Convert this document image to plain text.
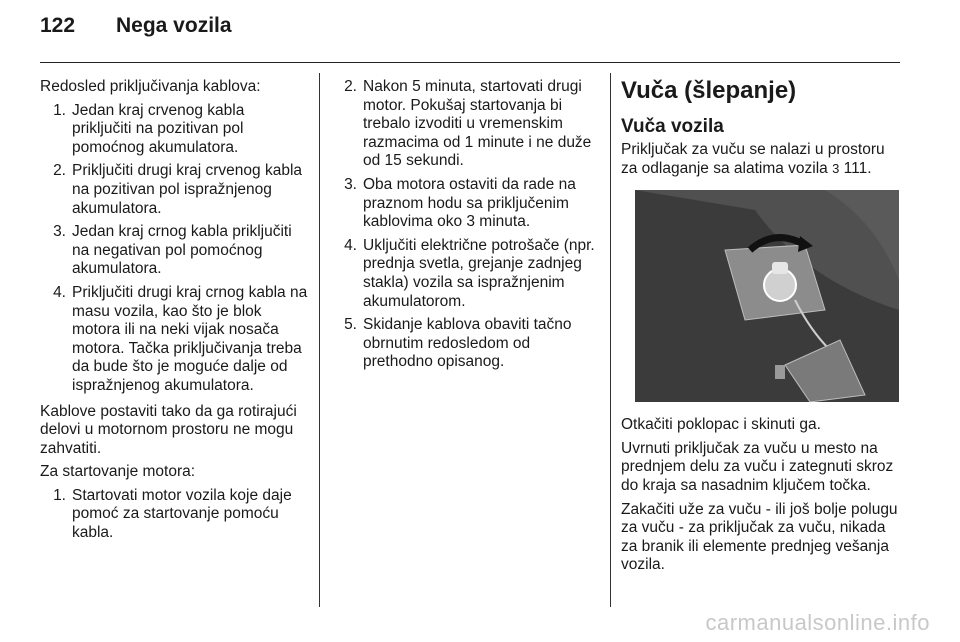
122	Nega vozila

Redosled priključivanja kablova:

1. Jedan kraj crvenog kabla priključiti na pozitivan pol pomoćnog akumulatora.
2. Priključiti drugi kraj crvenog kabla na pozitivan pol ispražnjenog akumulatora.
3. Jedan kraj crnog kabla priključiti na negativan pol pomoćnog akumulatora.
4. Priključiti drugi kraj crnog kabla na masu vozila, kao što je blok motora ili na neki vijak nosača motora. Tačka priključivanja treba da bude što je moguće dalje od ispražnjenog akumulatora.

Kablove postaviti tako da ga rotirajući delovi u motornom prostoru ne mogu zahvatiti.

Za startovanje motora:

1. Startovati motor vozila koje daje pomoć za startovanje pomoću kabla.
2. Nakon 5 minuta, startovati drugi motor. Pokušaj startovanja bi trebalo izvoditi u vremenskim razmacima od 1 minute i ne duže od 15 sekundi.
3. Oba motora ostaviti da rade na praznom hodu sa priključenim kablovima oko 3 minuta.
4. Uključiti električne potrošače (npr. prednja svetla, grejanje zadnjeg stakla) vozila sa ispražnjenim akumulatorom.
5. Skidanje kablova obaviti tačno obrnutim redosledom od prethodno opisanog.
Vuča (šlepanje)
Vuča vozila

Priključak za vuču se nalazi u prostoru za odlaganje sa alatima vozila 3 111.

Otkačiti poklopac i skinuti ga.

Uvrnuti priključak za vuču u mesto na prednjem delu za vuču i zategnuti skroz do kraja sa nasadnim ključem točka.

Zakačiti uže za vuču - ili još bolje polugu za vuču - za priključak za vuču, nikada za branik ili elemente prednjeg vešanja vozila.

carmanualsonline.info
